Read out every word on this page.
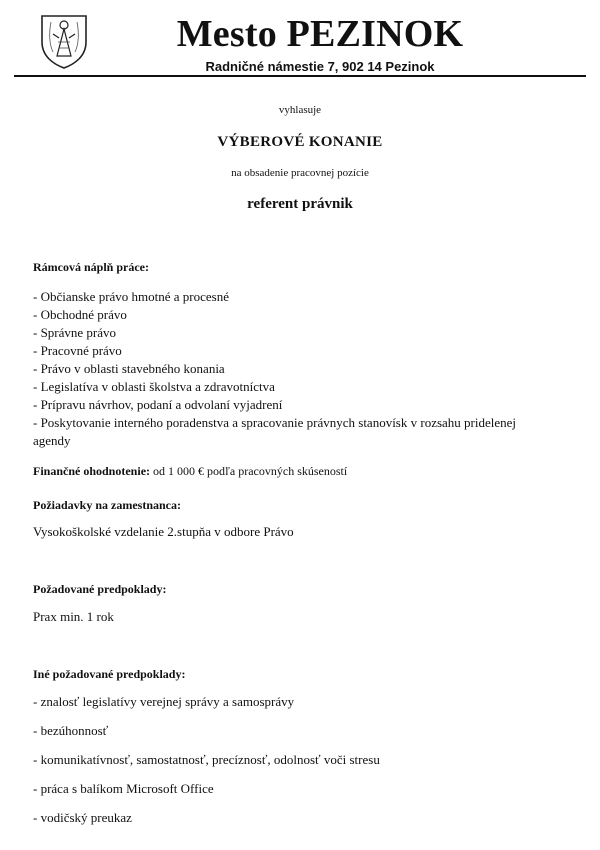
Mesto PEZINOK
Radničné námestie 7, 902 14 Pezinok
vyhlasuje
VÝBEROVÉ KONANIE
na obsadenie pracovnej pozície
referent právnik
Rámcová náplň práce:
- Občianske právo hmotné a procesné
- Obchodné právo
- Správne právo
- Pracovné právo
- Právo v oblasti stavebného konania
- Legislatíva v oblasti školstva a zdravotníctva
- Prípravu návrhov, podaní a odvolaní vyjadrení
- Poskytovanie interného poradenstva a spracovanie právnych stanovísk v rozsahu pridelenej agendy
Finančné ohodnotenie: od 1 000 € podľa pracovných skúseností
Požiadavky na zamestnanca:
Vysokoškolské vzdelanie 2.stupňa v odbore Právo
Požadované predpoklady:
Prax min. 1 rok
Iné požadované predpoklady:
- znalosť legislatívy verejnej správy a samosprávy
- bezúhonnosť
- komunikatívnosť, samostatnosť, precíznosť, odolnosť voči stresu
- práca s balíkom Microsoft Office
- vodičský preukaz
